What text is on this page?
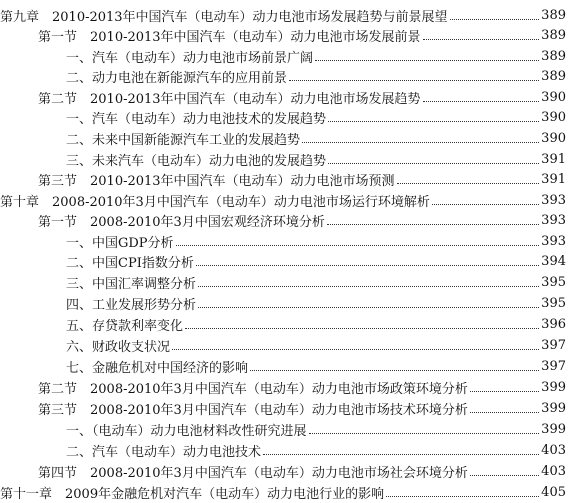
第九章　2010-2013年中国汽车（电动车）动力电池市场发展趋势与前景展望	389
第一节　2010-2013年中国汽车（电动车）动力电池市场发展前景	389
一、汽车（电动车）动力电池市场前景广阔	389
二、动力电池在新能源汽车的应用前景	389
第二节　2010-2013年中国汽车（电动车）动力电池市场发展趋势	390
一、汽车（电动车）动力电池技术的发展趋势	390
二、未来中国新能源汽车工业的发展趋势	390
三、未来汽车（电动车）动力电池的发展趋势	391
第三节　2010-2013年中国汽车（电动车）动力电池市场预测	391
第十章　2008-2010年3月中国汽车（电动车）动力电池市场运行环境解析	393
第一节　2008-2010年3月中国宏观经济环境分析	393
一、中国GDP分析	393
二、中国CPI指数分析	394
三、中国汇率调整分析	395
四、工业发展形势分析	395
五、存贷款利率变化	396
六、财政收支状况	397
七、金融危机对中国经济的影响	397
第二节　2008-2010年3月中国汽车（电动车）动力电池市场政策环境分析	399
第三节　2008-2010年3月中国汽车（电动车）动力电池市场技术环境分析	399
一、（电动车）动力电池材料改性研究进展	399
二、汽车（电动车）动力电池技术	403
第四节　2008-2010年3月中国汽车（电动车）动力电池市场社会环境分析	403
第十一章　2009年金融危机对汽车（电动车）动力电池行业的影响	405
